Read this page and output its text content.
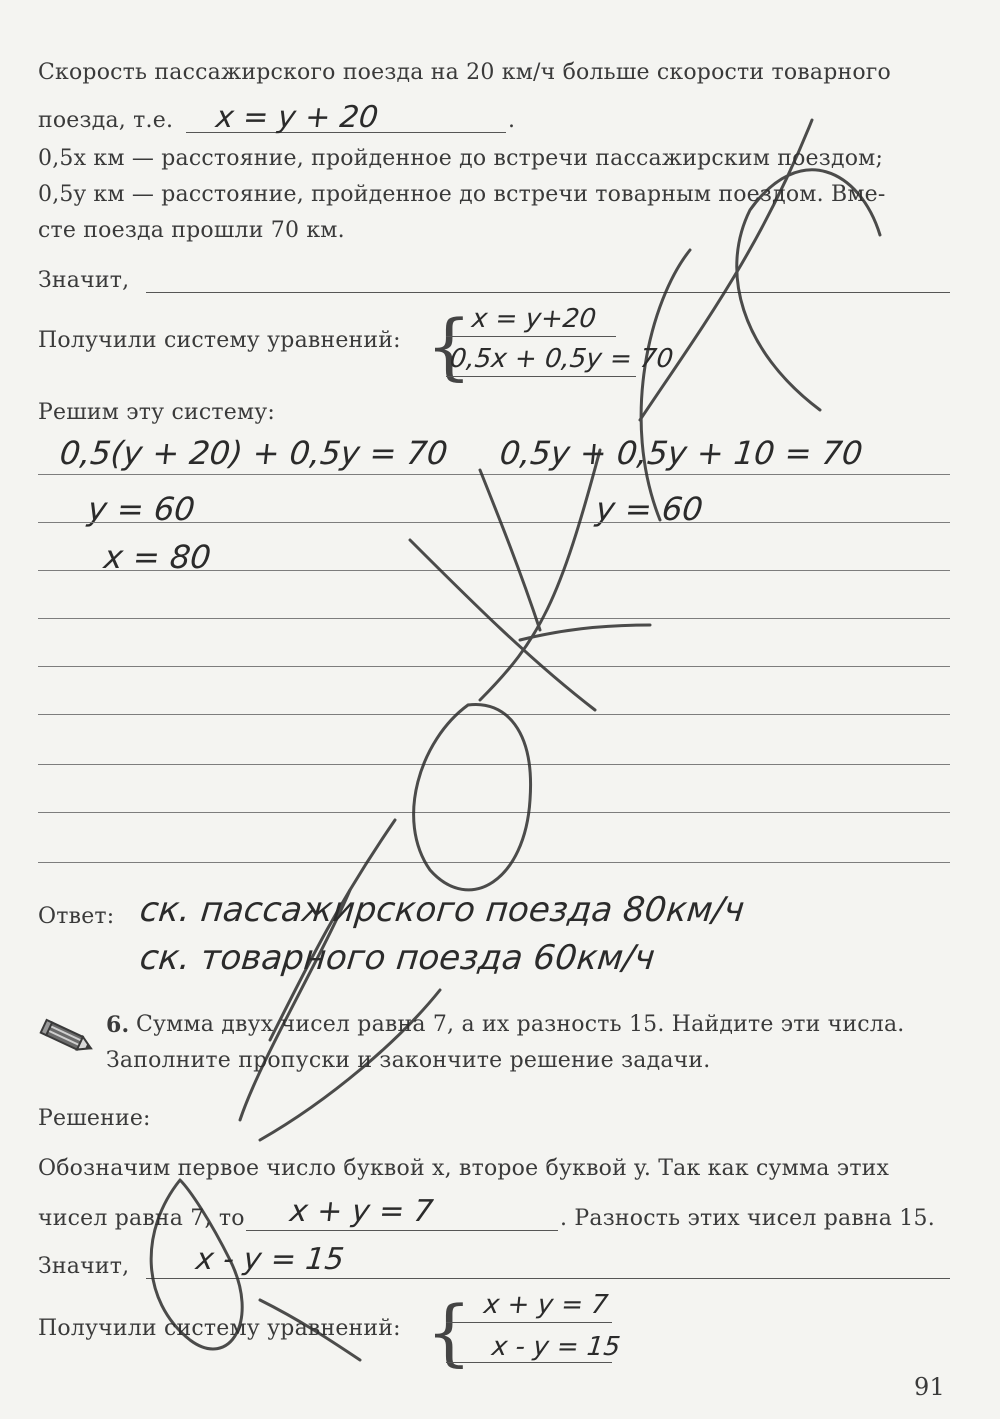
Скорость пассажирского поезда на 20 км/ч больше скорости товарного
поезда, т.е.	.
x = y + 20
0,5x км — расстояние, пройденное до встречи пассажирским поездом;
0,5y км — расстояние, пройденное до встречи товарным поездом. Вме-
сте поезда прошли 70 км.
Значит,
Получили систему уравнений: {
x = y+20
0,5x + 0,5y = 70
Решим эту систему:
0,5(y + 20) + 0,5y = 70 0,5y + 0,5y + 10 = 70
y = 60	y = 60
x = 80
Ответ: ск. пассажирского поезда 80км/ч
ск. товарного поезда 60км/ч
6. Сумма двух чисел равна 7, а их разность 15. Найдите эти числа.
Заполните пропуски и закончите решение задачи.
Решение:
Обозначим первое число буквой x, второе буквой y. Так как сумма этих
чисел равна 7, то x + y = 7	. Разность этих чисел равна 15.
Значит, x - y = 15
Получили систему уравнений: { x + y = 7
x - y = 15
91
